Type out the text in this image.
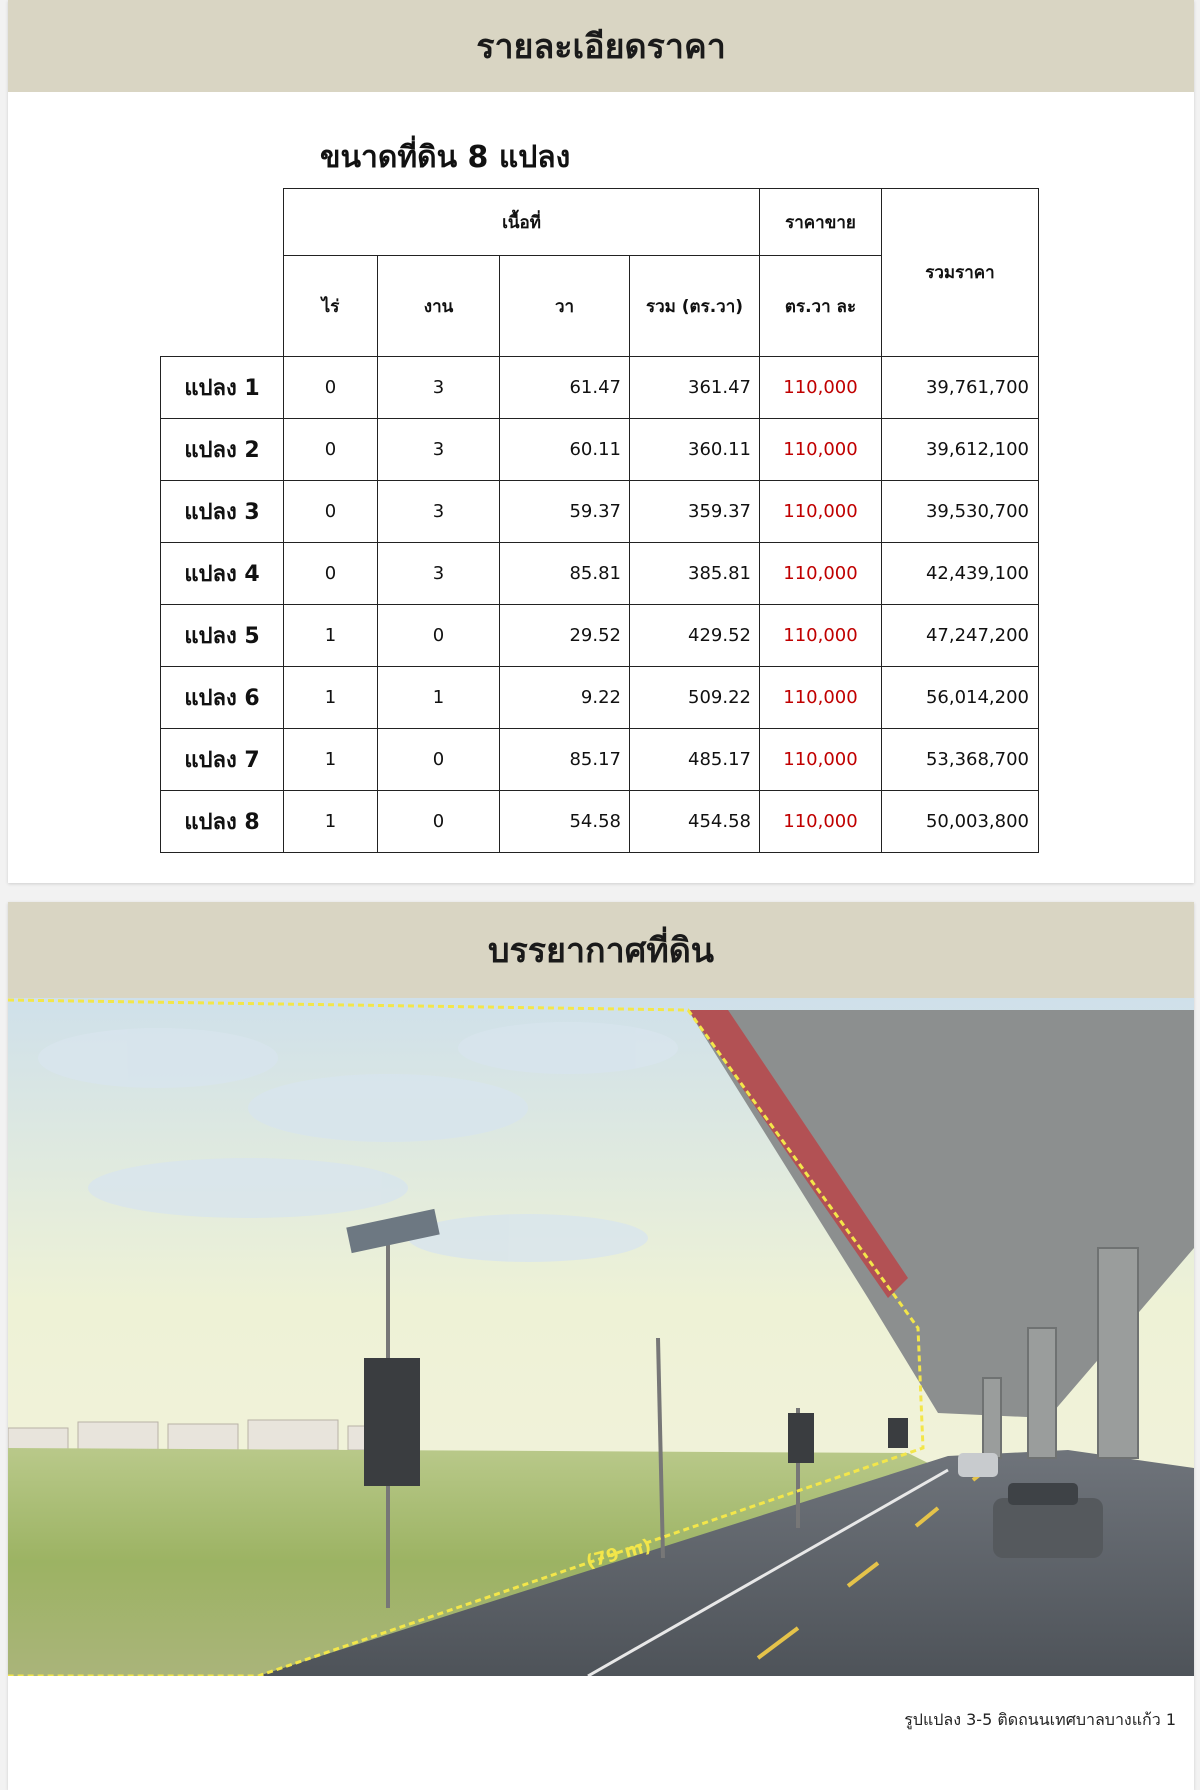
รายละเอียดราคา
ขนาดที่ดิน 8 แปลง
	เนื้อที่				ราคาขาย	รวมราคา
	ไร่	งาน	วา	รวม (ตร.วา)	ตร.วา ละ	
แปลง 1	0	3	61.47	361.47	110,000	39,761,700
แปลง 2	0	3	60.11	360.11	110,000	39,612,100
แปลง 3	0	3	59.37	359.37	110,000	39,530,700
แปลง 4	0	3	85.81	385.81	110,000	42,439,100
แปลง 5	1	0	29.52	429.52	110,000	47,247,200
แปลง 6	1	1	9.22	509.22	110,000	56,014,200
แปลง 7	1	0	85.17	485.17	110,000	53,368,700
แปลง 8	1	0	54.58	454.58	110,000	50,003,800
บรรยากาศที่ดิน
(79 m)
รูปแปลง 3-5 ติดถนนเทศบาลบางแก้ว 1
